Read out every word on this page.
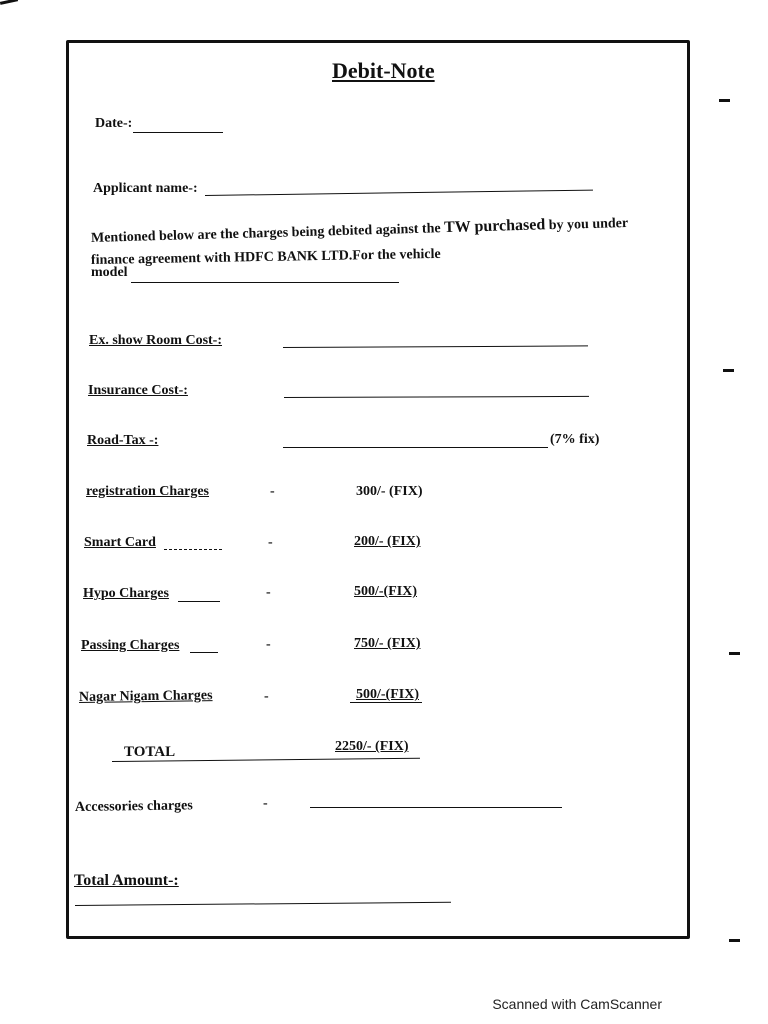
Debit-Note
Date-:
Applicant name-:
Mentioned below are the charges being debited against the TW purchased by you under
finance agreement with HDFC BANK LTD.For the vehicle
model
Ex. show Room Cost-:
Insurance Cost-:
Road-Tax -:	(7% fix)
registration Charges	-	300/- (FIX)
Smart Card	-	200/- (FIX)
Hypo Charges	-	500/-(FIX)
Passing Charges	-	750/- (FIX)
Nagar Nigam Charges	-	500/-(FIX)
TOTAL	2250/- (FIX)
Accessories charges	-
Total Amount-:
Scanned with CamScanner
